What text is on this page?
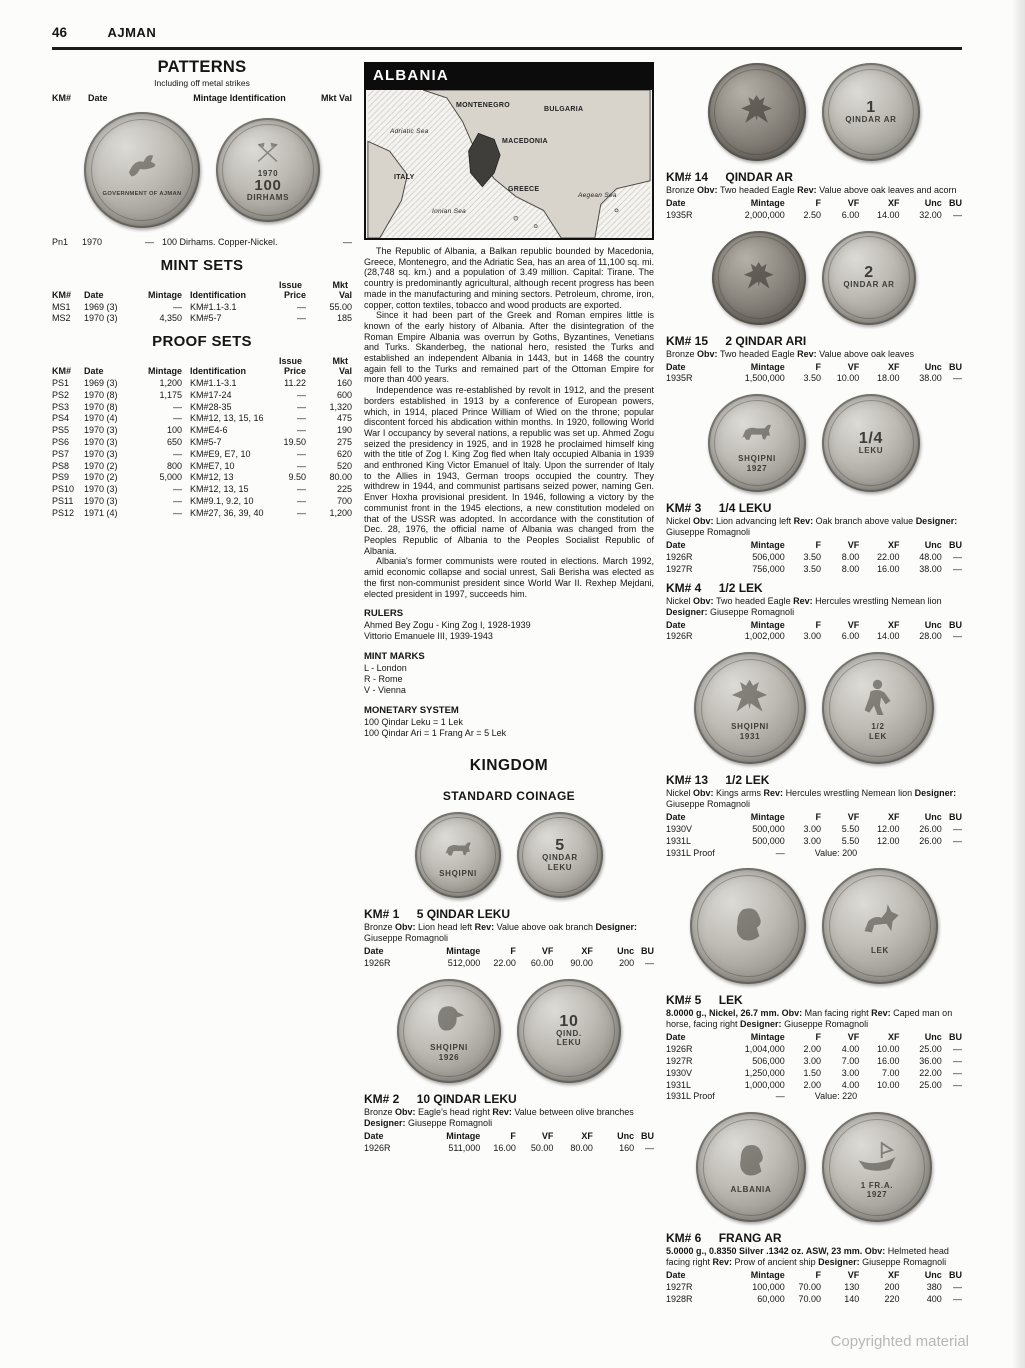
46	AJMAN
PATTERNS
Including off metal strikes
KM#	Date	Mintage Identification	Mkt Val
GOVERNMENT OF AJMAN
1970
100
DIRHAMS
Pn1	1970	—	100 Dirhams. Copper-Nickel.	—
MINT SETS
Issue	Mkt
KM#	Date	Mintage	Identification	Price	Val
MS1	1969 (3)	—	KM#1.1-3.1	—	55.00
MS2	1970 (3)	4,350	KM#5-7	—	185
PROOF SETS
Issue	Mkt
KM#	Date	Mintage	Identification	Price	Val
PS1	1969 (3)	1,200	KM#1.1-3.1	11.22	160
PS2	1970 (8)	1,175	KM#17-24	—	600
PS3	1970 (8)	—	KM#28-35	—	1,320
PS4	1970 (4)	—	KM#12, 13, 15, 16	—	475
PS5	1970 (3)	100	KM#E4-6	—	190
PS6	1970 (3)	650	KM#5-7	19.50	275
PS7	1970 (3)	—	KM#E9, E7, 10	—	620
PS8	1970 (2)	800	KM#E7, 10	—	520
PS9	1970 (2)	5,000	KM#12, 13	9.50	80.00
PS10	1970 (3)	—	KM#12, 13, 15	—	225
PS11	1970 (3)	—	KM#9.1, 9.2, 10	—	700
PS12	1971 (4)	—	KM#27, 36, 39, 40	—	1,200
ALBANIA
MONTENEGRO
BULGARIA
MACEDONIA
Adriatic Sea
ITALY
GREECE
Aegean Sea
Ionian Sea

The Republic of Albania, a Balkan republic bounded by Macedonia, Greece, Montenegro, and the Adriatic Sea, has an area of 11,100 sq. mi. (28,748 sq. km.) and a population of 3.49 million. Capital: Tirane. The country is predominantly agricultural, although recent progress has been made in the manufacturing and mining sectors. Petroleum, chrome, iron, copper, cotton textiles, tobacco and wood products are exported.

Since it had been part of the Greek and Roman empires little is known of the early history of Albania. After the disintegration of the Roman Empire Albania was overrun by Goths, Byzantines, Venetians and Turks. Skanderbeg, the national hero, resisted the Turks and established an independent Albania in 1443, but in 1468 the country again fell to the Turks and remained part of the Ottoman Empire for more than 400 years.

Independence was re-established by revolt in 1912, and the present borders established in 1913 by a conference of European powers, which, in 1914, placed Prince William of Wied on the throne; popular discontent forced his abdication within months. In 1920, following World War I occupancy by several nations, a republic was set up. Ahmed Zogu seized the presidency in 1925, and in 1928 he proclaimed himself king with the title of Zog I. King Zog fled when Italy occupied Albania in 1939 and enthroned King Victor Emanuel of Italy. Upon the surrender of Italy to the Allies in 1943, German troops occupied the country. They withdrew in 1944, and communist partisans seized power, naming Gen. Enver Hoxha provisional president. In 1946, following a victory by the communist front in the 1945 elections, a new constitution modeled on that of the USSR was adopted. In accordance with the constitution of Dec. 28, 1976, the official name of Albania was changed from the Peoples Republic of Albania to the Peoples Socialist Republic of Albania.

Albania's former communists were routed in elections. March 1992, amid economic collapse and social unrest, Sali Berisha was elected as the first non-communist president since World War II. Rexhep Mejdani, elected president in 1997, succeeds him.

RULERS
Ahmed Bey Zogu - King Zog I, 1928-1939
Vittorio Emanuele III, 1939-1943
MINT MARKS
L - London
R - Rome
V - Vienna
MONETARY SYSTEM
100 Qindar Leku = 1 Lek
100 Qindar Ari = 1 Frang Ar = 5 Lek
KINGDOM
STANDARD COINAGE
SHQIPNI
5
QINDAR
LEKU
KM# 1 5 QINDAR LEKU
Bronze Obv: Lion head left Rev: Value above oak branch Designer: Giuseppe Romagnoli
Date	Mintage	F	VF	XF	Unc	BU
1926R	512,000	22.00	60.00	90.00	200	—
SHQIPNI
1926
10
QIND.
LEKU
KM# 2 10 QINDAR LEKU
Bronze Obv: Eagle's head right Rev: Value between olive branches Designer: Giuseppe Romagnoli
Date	Mintage	F	VF	XF	Unc	BU
1926R	511,000	16.00	50.00	80.00	160	—
1
QINDAR AR
KM# 14 QINDAR AR
Bronze Obv: Two headed Eagle Rev: Value above oak leaves and acorn
Date	Mintage	F	VF	XF	Unc	BU
1935R	2,000,000	2.50	6.00	14.00	32.00	—
2
QINDAR AR
KM# 15 2 QINDAR ARI
Bronze Obv: Two headed Eagle Rev: Value above oak leaves
Date	Mintage	F	VF	XF	Unc	BU
1935R	1,500,000	3.50	10.00	18.00	38.00	—
SHQIPNI
1927
1/4
LEKU
KM# 3 1/4 LEKU
Nickel Obv: Lion advancing left Rev: Oak branch above value Designer: Giuseppe Romagnoli
Date	Mintage	F	VF	XF	Unc	BU
1926R	506,000	3.50	8.00	22.00	48.00	—
1927R	756,000	3.50	8.00	16.00	38.00	—
KM# 4 1/2 LEK
Nickel Obv: Two headed Eagle Rev: Hercules wrestling Nemean lion Designer: Giuseppe Romagnoli
Date	Mintage	F	VF	XF	Unc	BU
1926R	1,002,000	3.00	6.00	14.00	28.00	—
SHQIPNI
1931
1/2
LEK
KM# 13 1/2 LEK
Nickel Obv: Kings arms Rev: Hercules wrestling Nemean lion Designer: Giuseppe Romagnoli
Date	Mintage	F	VF	XF	Unc	BU
1930V	500,000	3.00	5.50	12.00	26.00	—
1931L	500,000	3.00	5.50	12.00	26.00	—
1931L Proof	—	Value: 200				
LEK
KM# 5 LEK
8.0000 g., Nickel, 26.7 mm. Obv: Man facing right Rev: Caped man on horse, facing right Designer: Giuseppe Romagnoli
Date	Mintage	F	VF	XF	Unc	BU
1926R	1,004,000	2.00	4.00	10.00	25.00	—
1927R	506,000	3.00	7.00	16.00	36.00	—
1930V	1,250,000	1.50	3.00	7.00	22.00	—
1931L	1,000,000	2.00	4.00	10.00	25.00	—
1931L Proof	—	Value: 220				
ALBANIA
1 FR.A.
1927
KM# 6 FRANG AR
5.0000 g., 0.8350 Silver .1342 oz. ASW, 23 mm. Obv: Helmeted head facing right Rev: Prow of ancient ship Designer: Giuseppe Romagnoli
Date	Mintage	F	VF	XF	Unc	BU
1927R	100,000	70.00	130	200	380	—
1928R	60,000	70.00	140	220	400	—
Copyrighted material
